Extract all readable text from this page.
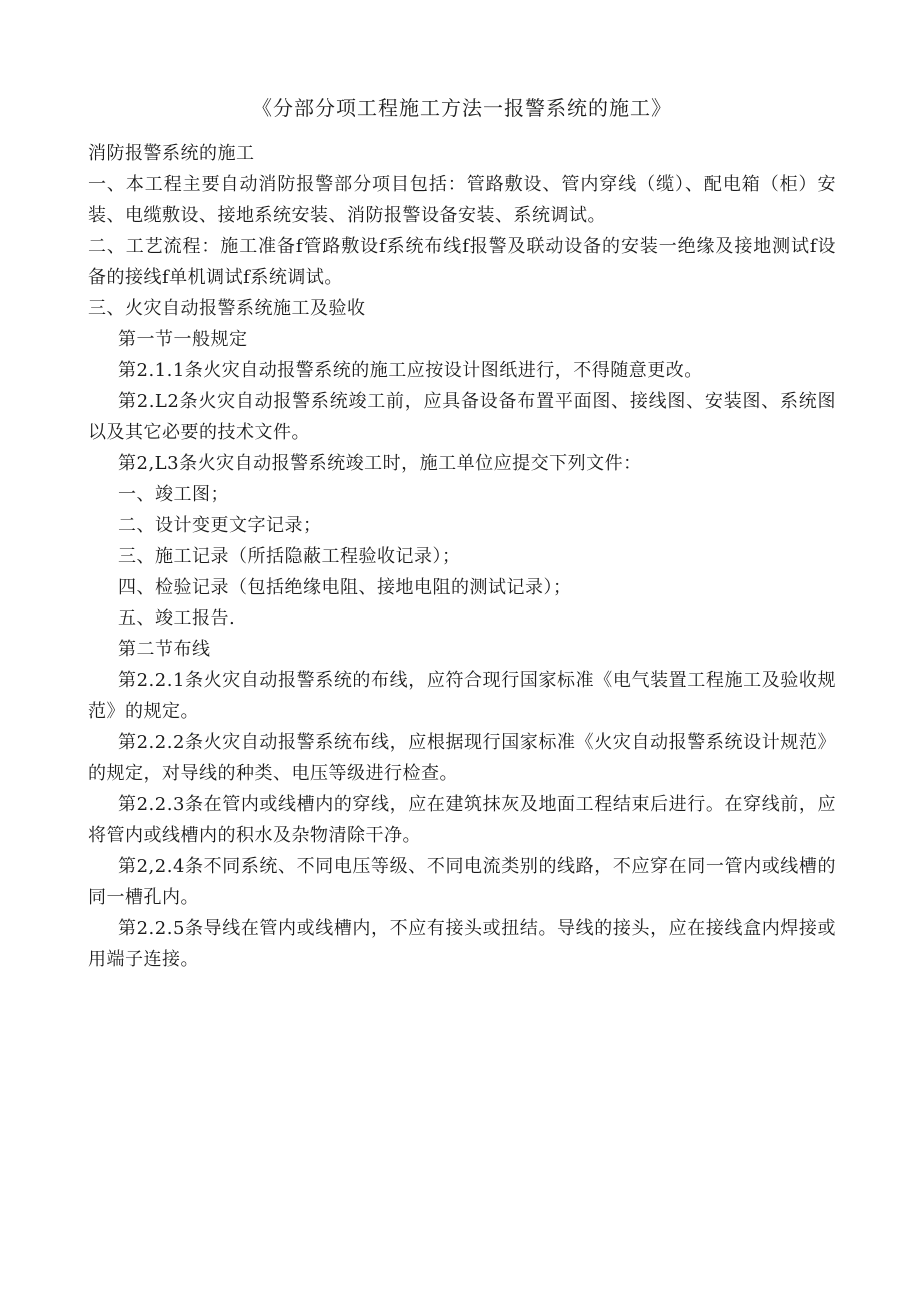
《分部分项工程施工方法一报警系统的施工》

消防报警系统的施工

一、本工程主要自动消防报警部分项目包括：管路敷设、管内穿线（缆）、配电箱（柜）安装、电缆敷设、接地系统安装、消防报警设备安装、系统调试。

二、工艺流程：施工准备f管路敷设f系统布线f报警及联动设备的安装一绝缘及接地测试f设备的接线f单机调试f系统调试。

三、火灾自动报警系统施工及验收

第一节一般规定

第2.1.1条火灾自动报警系统的施工应按设计图纸进行，不得随意更改。

第2.L2条火灾自动报警系统竣工前，应具备设备布置平面图、接线图、安装图、系统图以及其它必要的技术文件。

第2,L3条火灾自动报警系统竣工时，施工单位应提交下列文件：

一、竣工图；

二、设计变更文字记录；

三、施工记录（所括隐蔽工程验收记录）；

四、检验记录（包括绝缘电阻、接地电阻的测试记录）；

五、竣工报告.

第二节布线

第2.2.1条火灾自动报警系统的布线，应符合现行国家标准《电气装置工程施工及验收规范》的规定。

第2.2.2条火灾自动报警系统布线，应根据现行国家标准《火灾自动报警系统设计规范》的规定，对导线的种类、电压等级进行检查。

第2.2.3条在管内或线槽内的穿线，应在建筑抹灰及地面工程结束后进行。在穿线前，应将管内或线槽内的积水及杂物清除干净。

第2,2.4条不同系统、不同电压等级、不同电流类别的线路，不应穿在同一管内或线槽的同一槽孔内。

第2.2.5条导线在管内或线槽内，不应有接头或扭结。导线的接头，应在接线盒内焊接或用端子连接。
